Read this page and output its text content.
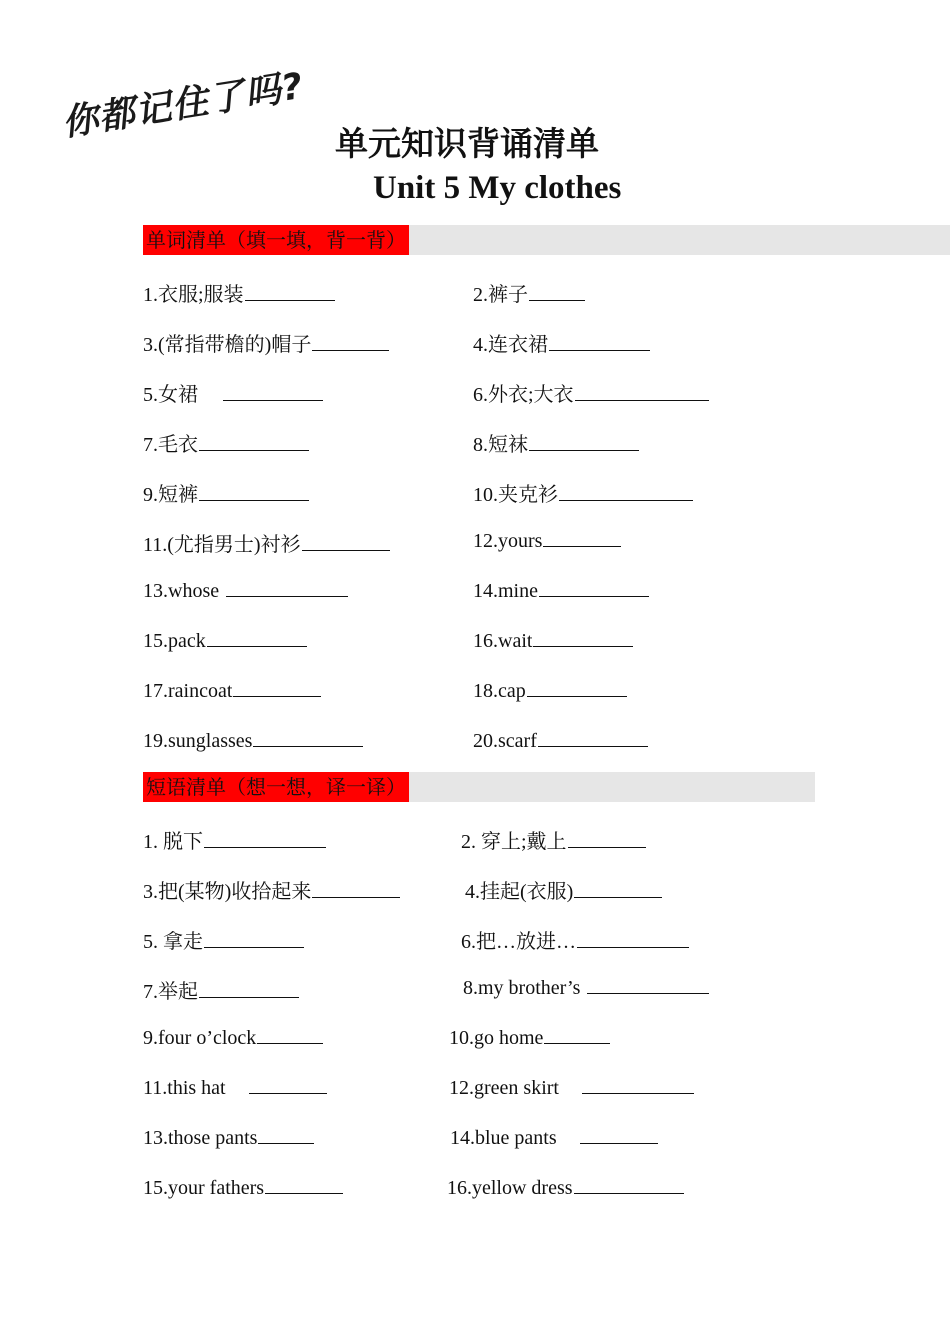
你都记住了吗? 单元知识背诵清单
Unit 5 My clothes
单词清单（填一填，背一背）
1.衣服;服装	2.裤子
3.(常指带檐的)帽子	4.连衣裙
5.女裙	6.外衣;大衣
7.毛衣	8.短袜
9.短裤	10.夹克衫
11.(尤指男士)衬衫	12.yours
13.whose	14.mine
15.pack	16.wait
17.raincoat	18.cap
19.sunglasses	20.scarf
短语清单（想一想，译一译）
1. 脱下	2. 穿上;戴上
3.把(某物)收拾起来	4.挂起(衣服)
5. 拿走	6.把…放进…
7.举起	8.my brother’s
9.four o’clock	10.go home
11.this hat	12.green skirt
13.those pants	14.blue pants
15.your fathers	16.yellow dress
